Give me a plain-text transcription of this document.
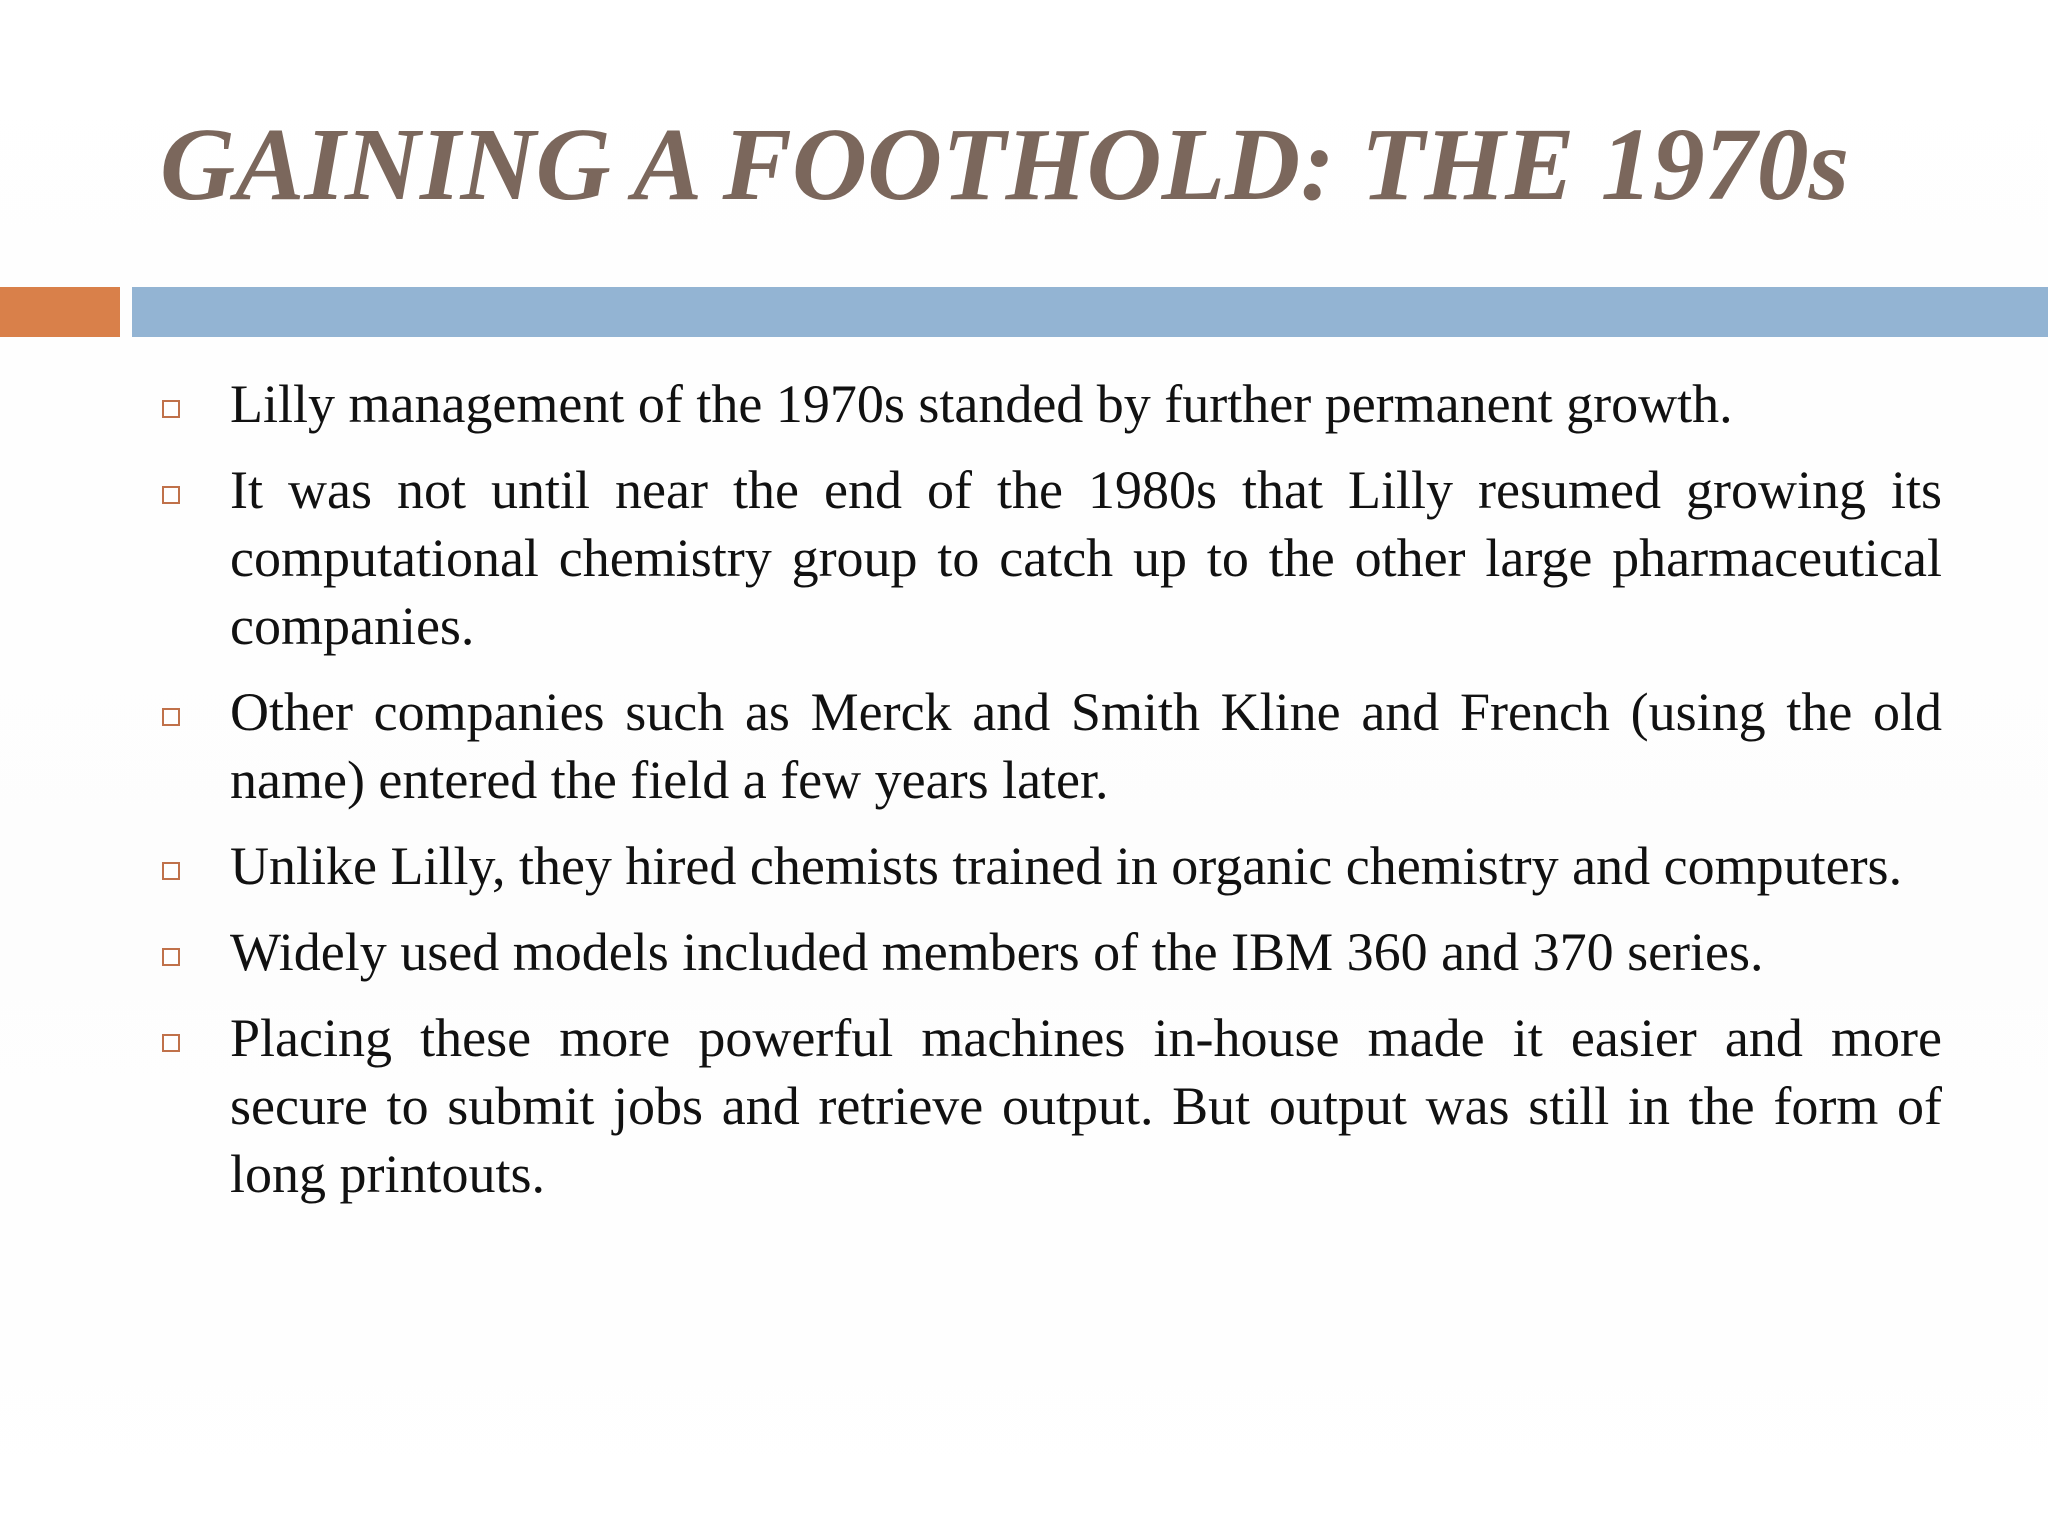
GAINING A FOOTHOLD: THE 1970s
Lilly management of the 1970s standed by further permanent growth.
It was not until near the end of the 1980s that Lilly resumed growing its computational chemistry group to catch up to the other large pharmaceutical companies.
Other companies such as Merck and Smith Kline and French (using the old name) entered the field a few years later.
Unlike Lilly, they hired chemists trained in organic chemistry and computers.
Widely used models included members of the IBM 360 and 370 series.
Placing these more powerful machines in-house made it easier and more secure to submit jobs and retrieve output. But output was still in the form of long printouts.
